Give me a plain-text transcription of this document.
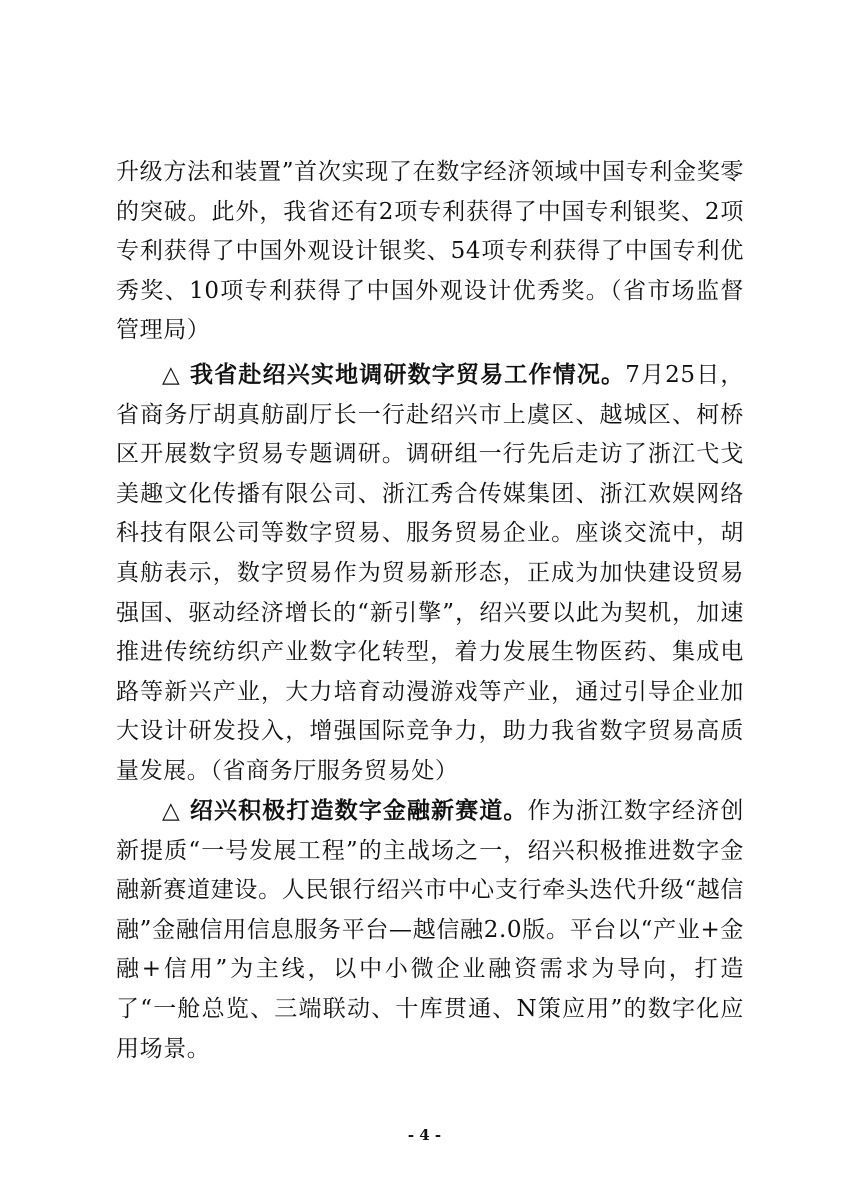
升级方法和装置”首次实现了在数字经济领域中国专利金奖零的突破。此外，我省还有2项专利获得了中国专利银奖、2项专利获得了中国外观设计银奖、54项专利获得了中国专利优秀奖、10项专利获得了中国外观设计优秀奖。（省市场监督管理局）

△ 我省赴绍兴实地调研数字贸易工作情况。7月25日，省商务厅胡真舫副厅长一行赴绍兴市上虞区、越城区、柯桥区开展数字贸易专题调研。调研组一行先后走访了浙江弋戈美趣文化传播有限公司、浙江秀合传媒集团、浙江欢娱网络科技有限公司等数字贸易、服务贸易企业。座谈交流中，胡真舫表示，数字贸易作为贸易新形态，正成为加快建设贸易强国、驱动经济增长的“新引擎”，绍兴要以此为契机，加速推进传统纺织产业数字化转型，着力发展生物医药、集成电路等新兴产业，大力培育动漫游戏等产业，通过引导企业加大设计研发投入，增强国际竞争力，助力我省数字贸易高质量发展。（省商务厅服务贸易处）

△ 绍兴积极打造数字金融新赛道。作为浙江数字经济创新提质“一号发展工程”的主战场之一，绍兴积极推进数字金融新赛道建设。人民银行绍兴市中心支行牵头迭代升级“越信融”金融信用信息服务平台—越信融2.0版。平台以“产业+金融+信用”为主线，以中小微企业融资需求为导向，打造了“一舱总览、三端联动、十库贯通、N策应用”的数字化应用场景。

- 4 -
